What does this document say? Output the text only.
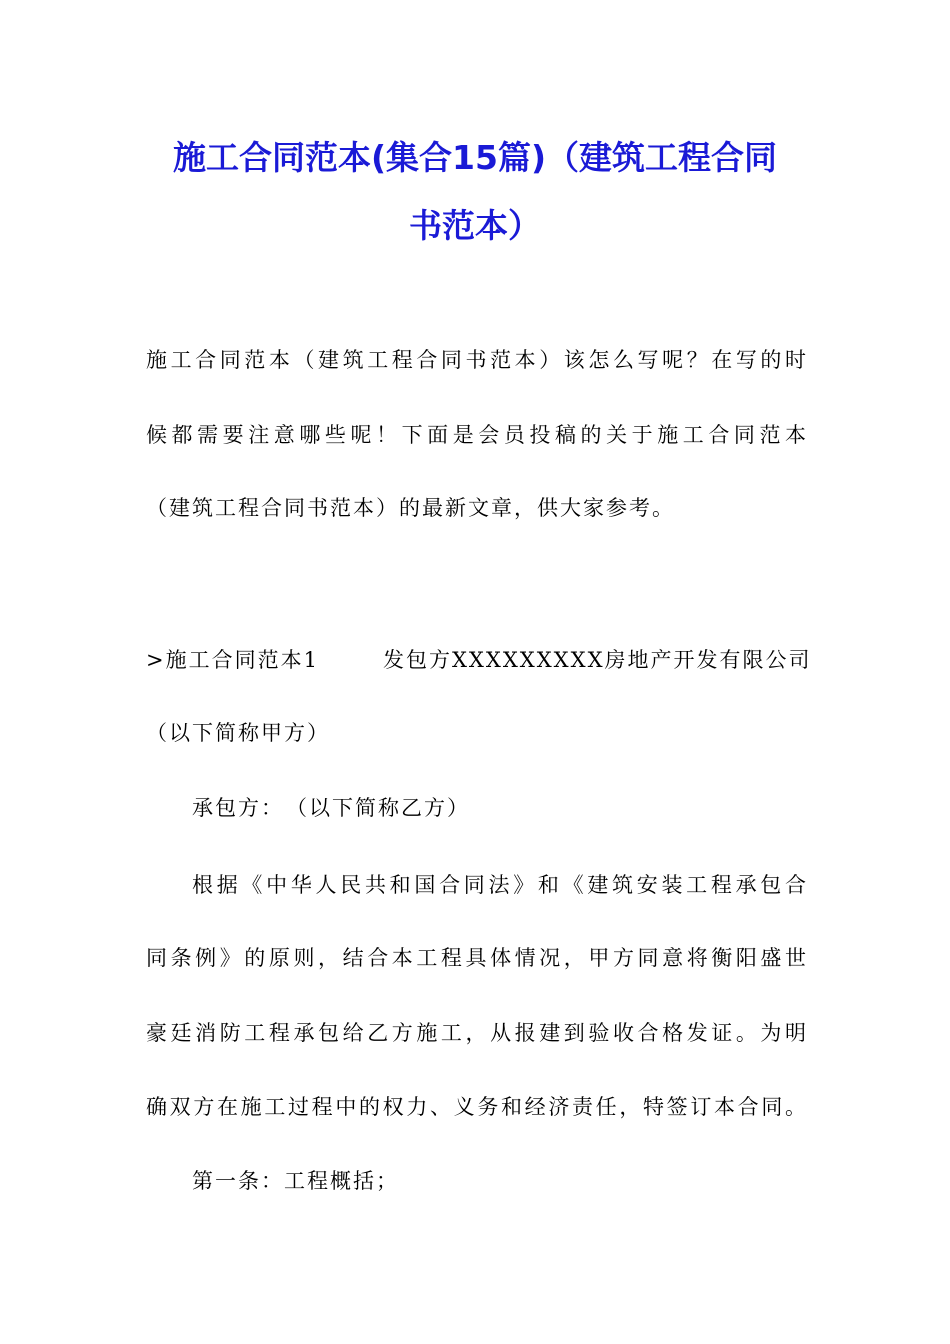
施工合同范本(集合15篇)（建筑工程合同
书范本）
施工合同范本（建筑工程合同书范本）该怎么写呢？在写的时
候都需要注意哪些呢！下面是会员投稿的关于施工合同范本
（建筑工程合同书范本）的最新文章，供大家参考。
>施工合同范本1	发包方XXXXXXXXX房地产开发有限公司
（以下简称甲方）
承包方：　（以下简称乙方）
根据《中华人民共和国合同法》和《建筑安装工程承包合
同条例》的原则，结合本工程具体情况，甲方同意将衡阳盛世
豪廷消防工程承包给乙方施工，从报建到验收合格发证。为明
确双方在施工过程中的权力、义务和经济责任，特签订本合同。
第一条：工程概括；
